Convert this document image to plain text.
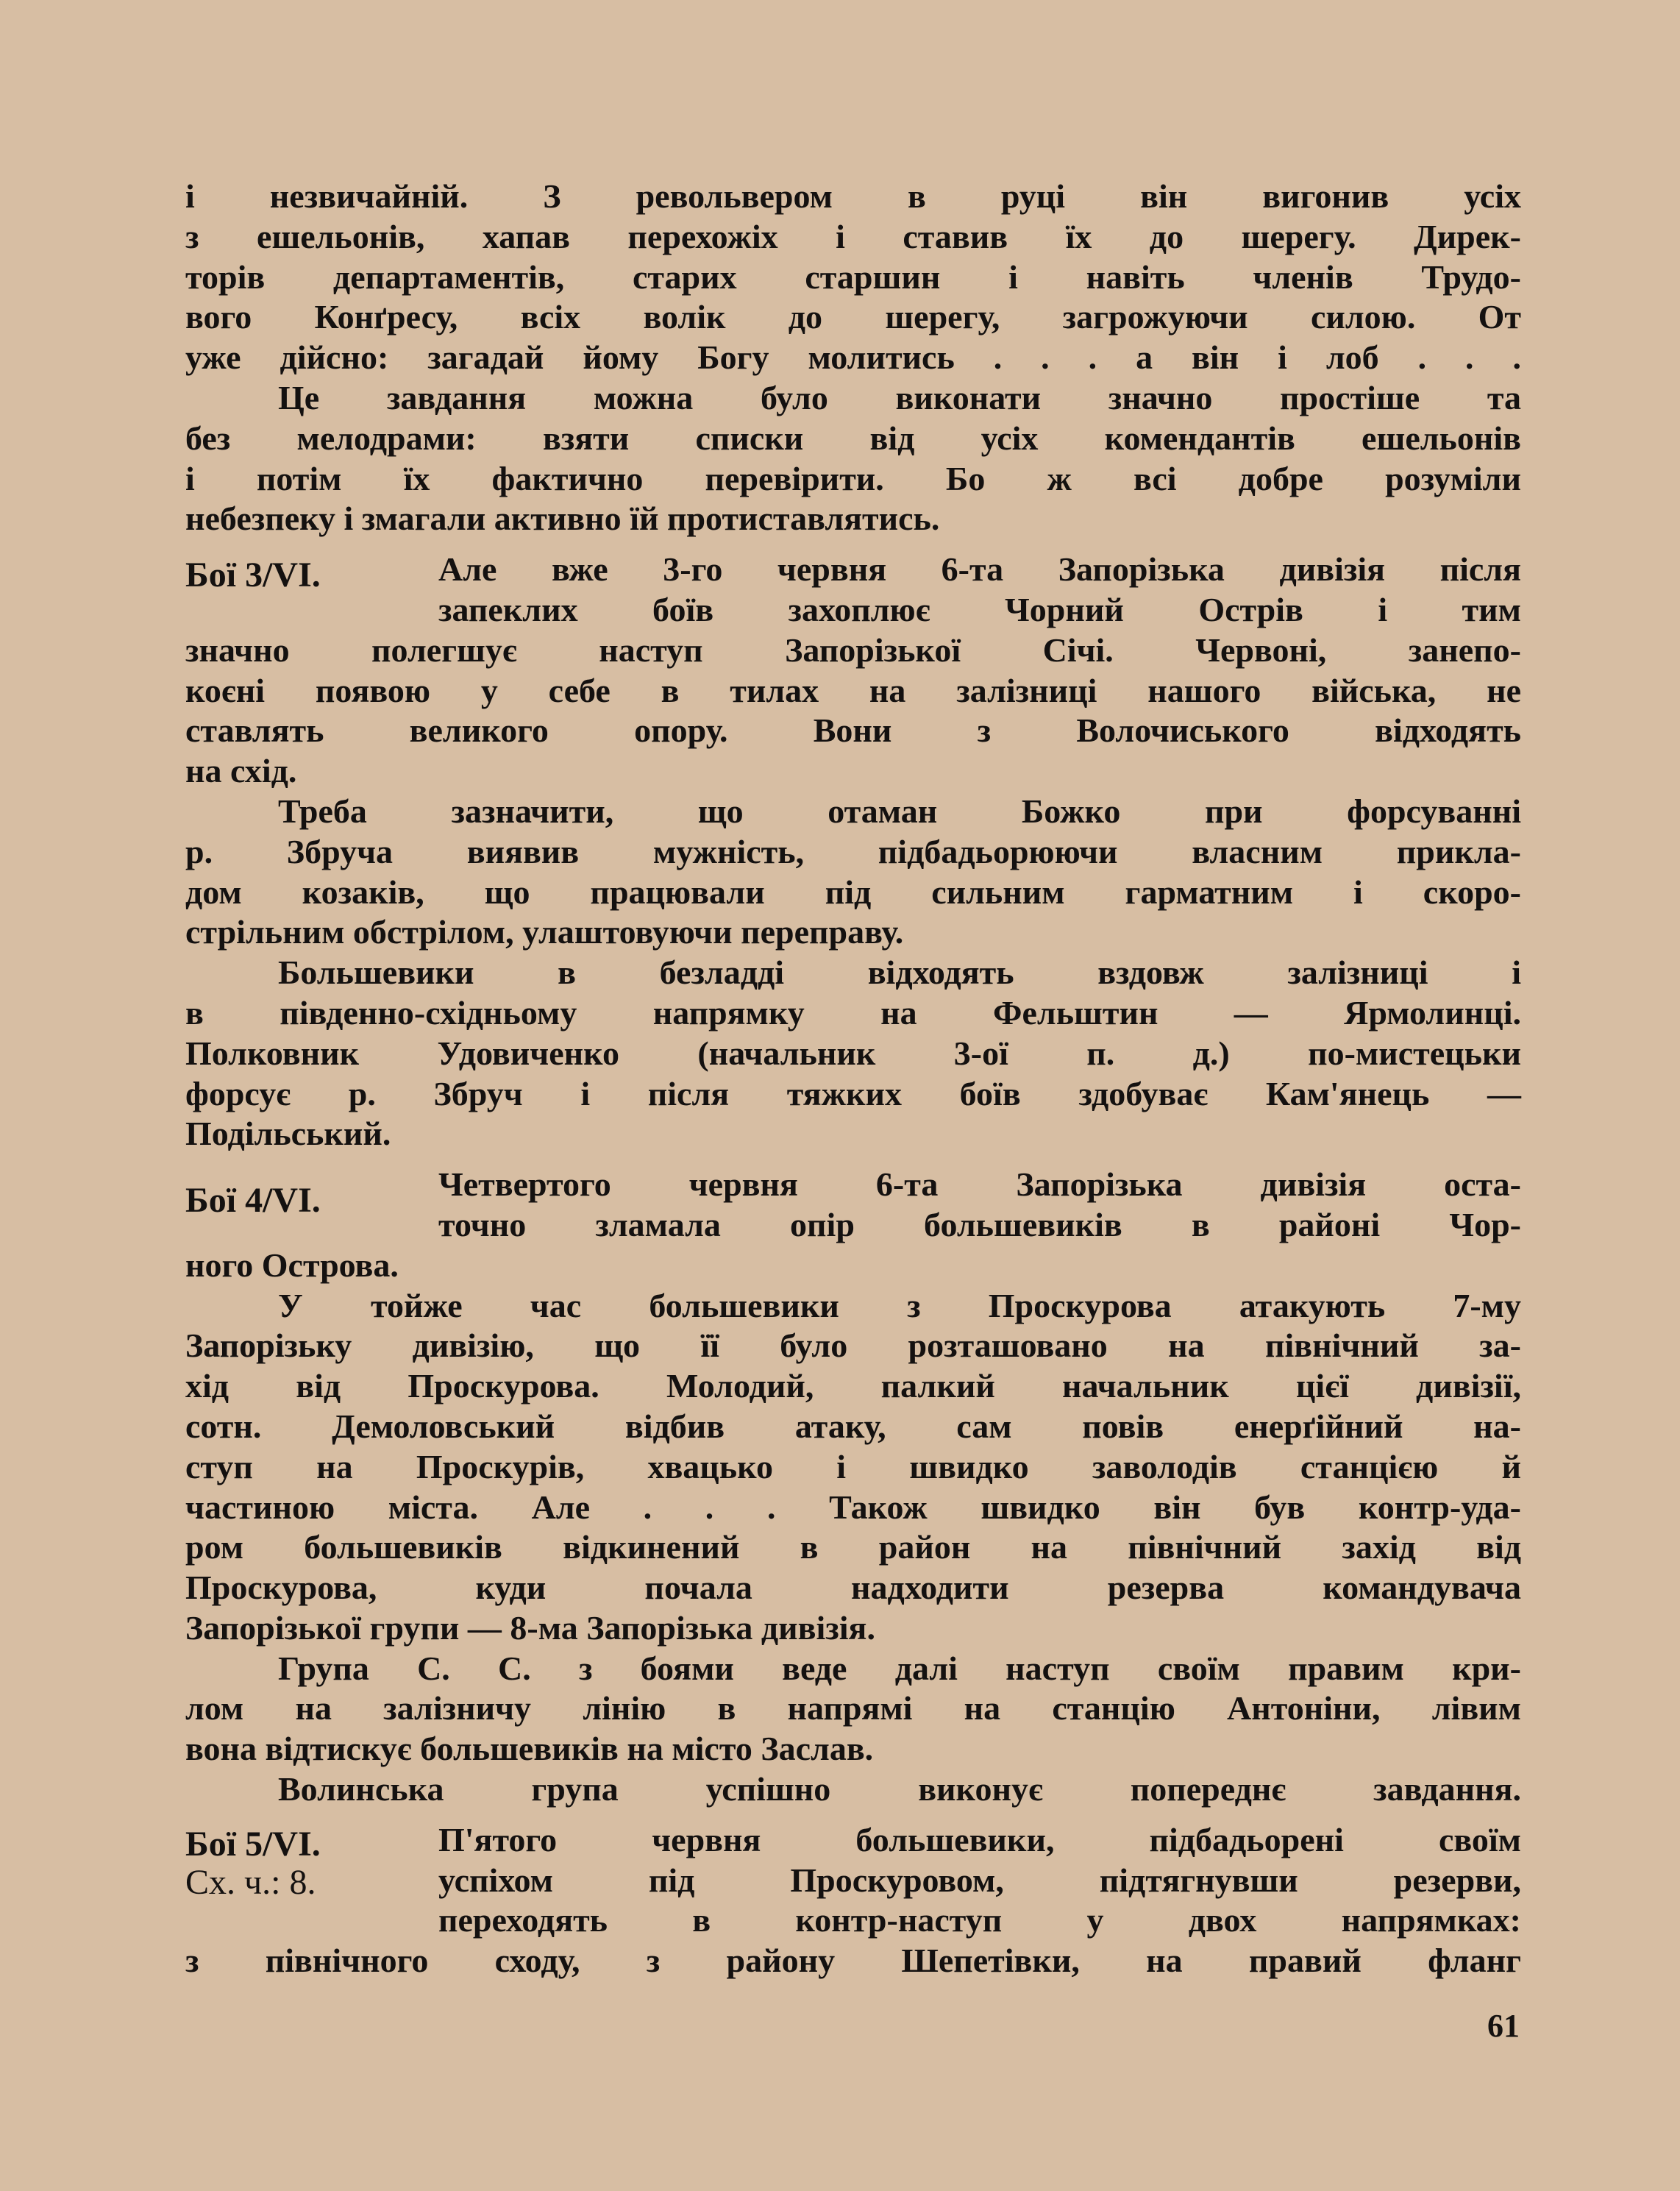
і незвичайній. З револьвером в руці він вигонив усіх
з ешельонів, хапав перехожіх і ставив їх до шерегу. Дирек-
торів департаментів, старих старшин і навіть членів Трудо-
вого Конґресу, всіх волік до шерегу, загрожуючи силою. От
уже дійсно: загадай йому Богу молитись . . . а він і лоб . . .
Це завдання можна було виконати значно простіше та
без мелодрами: взяти списки від усіх комендантів ешельонів
і потім їх фактично перевірити. Бо ж всі добре розуміли
небезпеку і змагали активно їй протиставлятись.
Бої 3/VI.	Але вже 3-го червня 6-та Запорізька дивізія після
запеклих боїв захоплює Чорний Острів і тим
значно полегшує наступ Запорізької Січі. Червоні, занепо-
коєні появою у себе в тилах на залізниці нашого війська, не
ставлять великого опору. Вони з Волочиського відходять
на схід.
Треба зазначити, що отаман Божко при форсуванні
р. Збруча виявив мужність, підбадьорюючи власним прикла-
дом козаків, що працювали під сильним гарматним і скоро-
стрільним обстрілом, улаштовуючи переправу.
Большевики в безладді відходять вздовж залізниці і
в південно-східньому напрямку на Фельштин — Ярмолинці.
Полковник Удовиченко (начальник 3-ої п. д.) по-мистецьки
форсує р. Збруч і після тяжких боїв здобуває Кам'янець —
Подільський.
Бої 4/VI.	Четвертого червня 6-та Запорізька дивізія оста-
точно зламала опір большевиків в районі Чор-
ного Острова.
У тойже час большевики з Проскурова атакують 7-му
Запорізьку дивізію, що її було розташовано на північний за-
хід від Проскурова. Молодий, палкий начальник цієї дивізії,
сотн. Демоловський відбив атаку, сам повів енерґійний на-
ступ на Проскурів, хвацько і швидко заволодів станцією й
частиною міста. Але . . . Також швидко він був контр-уда-
ром большевиків відкинений в район на північний захід від
Проскурова, куди почала надходити резерва командувача
Запорізької групи — 8-ма Запорізька дивізія.
Група С. С. з боями веде далі наступ своїм правим кри-
лом на залізничу лінію в напрямі на станцію Антоніни, лівим
вона відтискує большевиків на місто Заслав.
Волинська група успішно виконує попереднє завдання.
Бої 5/VI.
Сх. ч.: 8.
П'ятого червня большевики, підбадьорені своїм
успіхом під Проскуровом, підтягнувши резерви,
переходять в контр-наступ у двох напрямках:
з північного сходу, з району Шепетівки, на правий фланг
61
